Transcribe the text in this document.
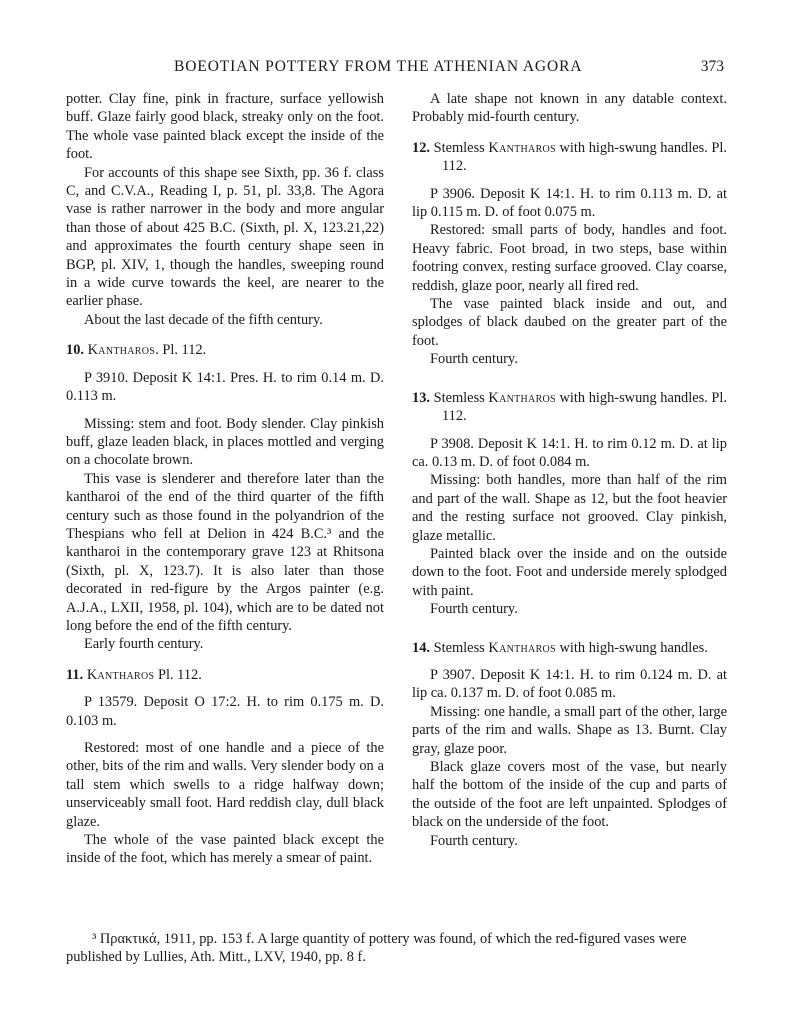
BOEOTIAN POTTERY FROM THE ATHENIAN AGORA	373

potter. Clay fine, pink in fracture, surface yellowish buff. Glaze fairly good black, streaky only on the foot. The whole vase painted black except the inside of the foot.

For accounts of this shape see Sixth, pp. 36 f. class C, and C.V.A., Reading I, p. 51, pl. 33,8. The Agora vase is rather narrower in the body and more angular than those of about 425 B.C. (Sixth, pl. X, 123.21,22) and approximates the fourth century shape seen in BGP, pl. XIV, 1, though the handles, sweeping round in a wide curve towards the keel, are nearer to the earlier phase.

About the last decade of the fifth century.

10. Kantharos. Pl. 112.

P 3910. Deposit K 14:1. Pres. H. to rim 0.14 m. D. 0.113 m.

Missing: stem and foot. Body slender. Clay pinkish buff, glaze leaden black, in places mottled and verging on a chocolate brown.

This vase is slenderer and therefore later than the kantharoi of the end of the third quarter of the fifth century such as those found in the polyandrion of the Thespians who fell at Delion in 424 B.C.³ and the kantharoi in the contemporary grave 123 at Rhitsona (Sixth, pl. X, 123.7). It is also later than those decorated in red-figure by the Argos painter (e.g. A.J.A., LXII, 1958, pl. 104), which are to be dated not long before the end of the fifth century.

Early fourth century.

11. Kantharos Pl. 112.

P 13579. Deposit O 17:2. H. to rim 0.175 m. D. 0.103 m.

Restored: most of one handle and a piece of the other, bits of the rim and walls. Very slender body on a tall stem which swells to a ridge halfway down; unserviceably small foot. Hard reddish clay, dull black glaze.

The whole of the vase painted black except the inside of the foot, which has merely a smear of paint.

A late shape not known in any datable context. Probably mid-fourth century.

12. Stemless Kantharos with high-swung handles. Pl. 112.

P 3906. Deposit K 14:1. H. to rim 0.113 m. D. at lip 0.115 m. D. of foot 0.075 m.

Restored: small parts of body, handles and foot. Heavy fabric. Foot broad, in two steps, base within footring convex, resting surface grooved. Clay coarse, reddish, glaze poor, nearly all fired red.

The vase painted black inside and out, and splodges of black daubed on the greater part of the foot.

Fourth century.

13. Stemless Kantharos with high-swung handles. Pl. 112.

P 3908. Deposit K 14:1. H. to rim 0.12 m. D. at lip ca. 0.13 m. D. of foot 0.084 m.

Missing: both handles, more than half of the rim and part of the wall. Shape as 12, but the foot heavier and the resting surface not grooved. Clay pinkish, glaze metallic.

Painted black over the inside and on the outside down to the foot. Foot and underside merely splodged with paint.

Fourth century.

14. Stemless Kantharos with high-swung handles.

P 3907. Deposit K 14:1. H. to rim 0.124 m. D. at lip ca. 0.137 m. D. of foot 0.085 m.

Missing: one handle, a small part of the other, large parts of the rim and walls. Shape as 13. Burnt. Clay gray, glaze poor.

Black glaze covers most of the vase, but nearly half the bottom of the inside of the cup and parts of the outside of the foot are left unpainted. Splodges of black on the underside of the foot.

Fourth century.

³ Πρακτικά, 1911, pp. 153 f. A large quantity of pottery was found, of which the red-figured vases were published by Lullies, Ath. Mitt., LXV, 1940, pp. 8 f.
